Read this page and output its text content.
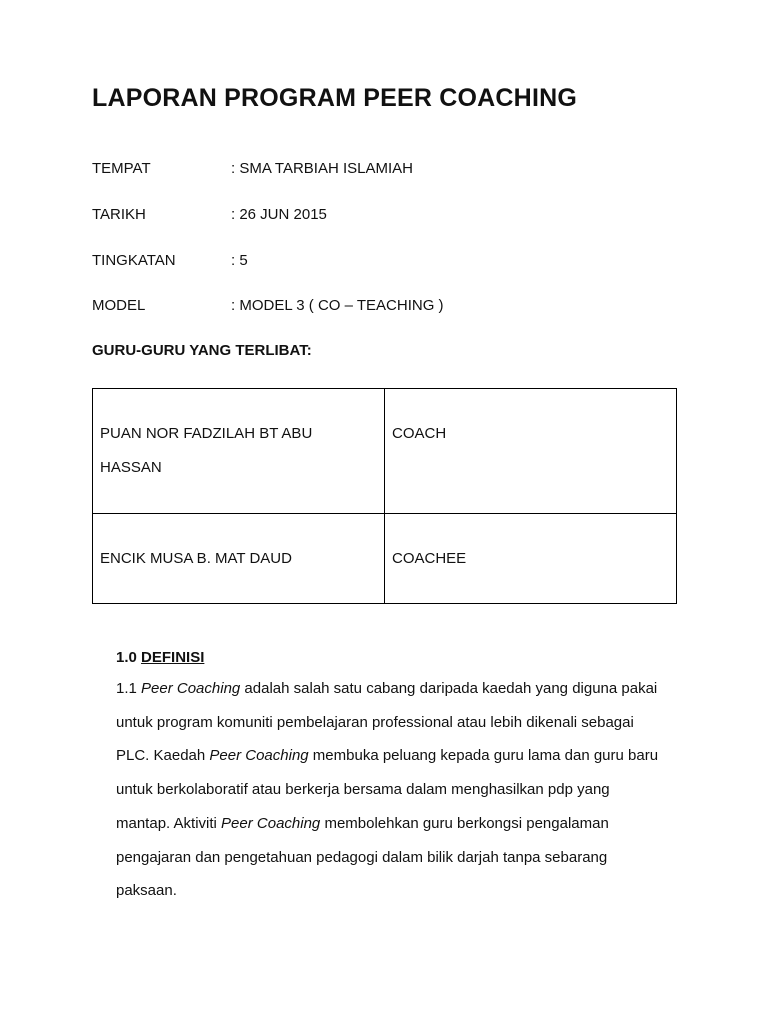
LAPORAN PROGRAM PEER COACHING
TEMPAT	: SMA TARBIAH ISLAMIAH
TARIKH	: 26 JUN 2015
TINGKATAN	: 5
MODEL	: MODEL 3 ( CO – TEACHING )
GURU-GURU YANG TERLIBAT:
PUAN NOR FADZILAH BT ABU
HASSAN	COACH

ENCIK MUSA B. MAT DAUD	COACHEE
1.0 DEFINISI

1.1 Peer Coaching adalah salah satu cabang daripada kaedah yang diguna pakai
untuk program komuniti pembelajaran professional atau lebih dikenali sebagai
PLC. Kaedah Peer Coaching membuka peluang kepada guru lama dan guru baru
untuk berkolaboratif atau berkerja bersama dalam menghasilkan pdp yang
mantap. Aktiviti Peer Coaching membolehkan guru berkongsi pengalaman
pengajaran dan pengetahuan pedagogi dalam bilik darjah tanpa sebarang
paksaan.
